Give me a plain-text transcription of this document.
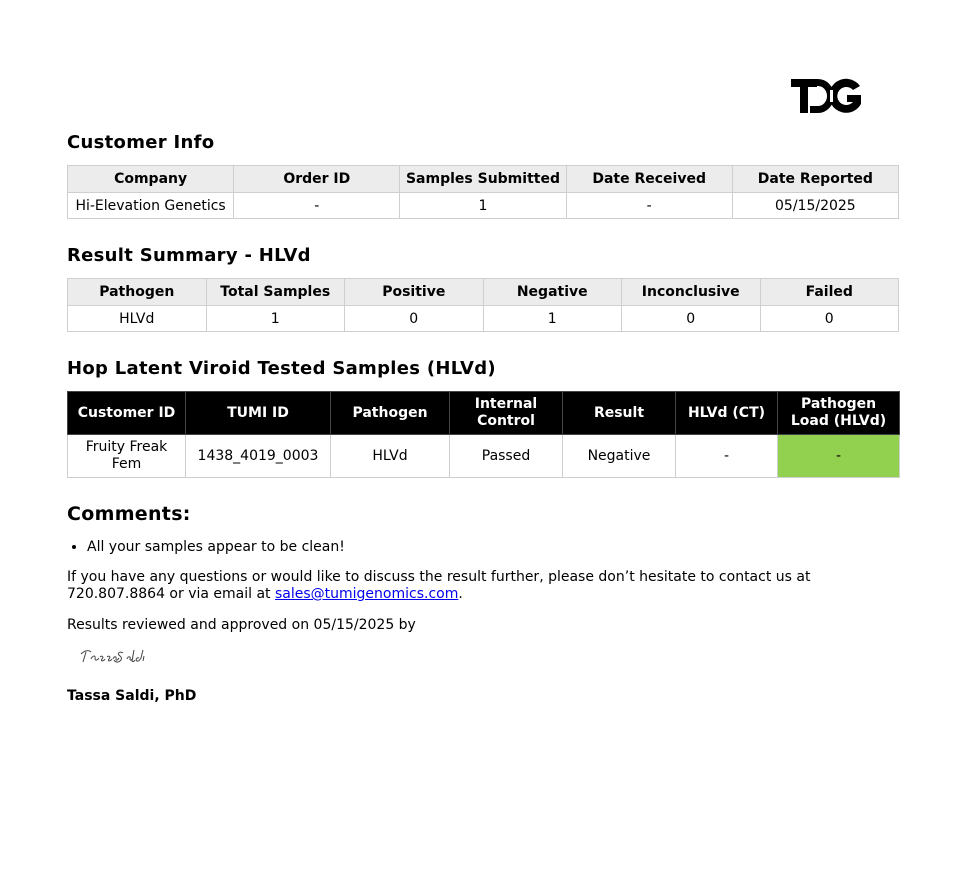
Customer Info
Company	Order ID	Samples Submitted	Date Received	Date Reported
Hi-Elevation Genetics	-	1	-	05/15/2025
Result Summary - HLVd
Pathogen	Total Samples	Positive	Negative	Inconclusive	Failed
HLVd	1	0	1	0	0
Hop Latent Viroid Tested Samples (HLVd)
Customer ID	TUMI ID	Pathogen	Internal Control	Result	HLVd (CT)	Pathogen Load (HLVd)
Fruity Freak Fem	1438_4019_0003	HLVd	Passed	Negative	-	-
Comments:
• All your samples appear to be clean!

If you have any questions or would like to discuss the result further, please don’t hesitate to contact us at 720.807.8864 or via email at sales@tumigenomics.com.

Results reviewed and approved on 05/15/2025 by

Tassa Saldi, PhD
